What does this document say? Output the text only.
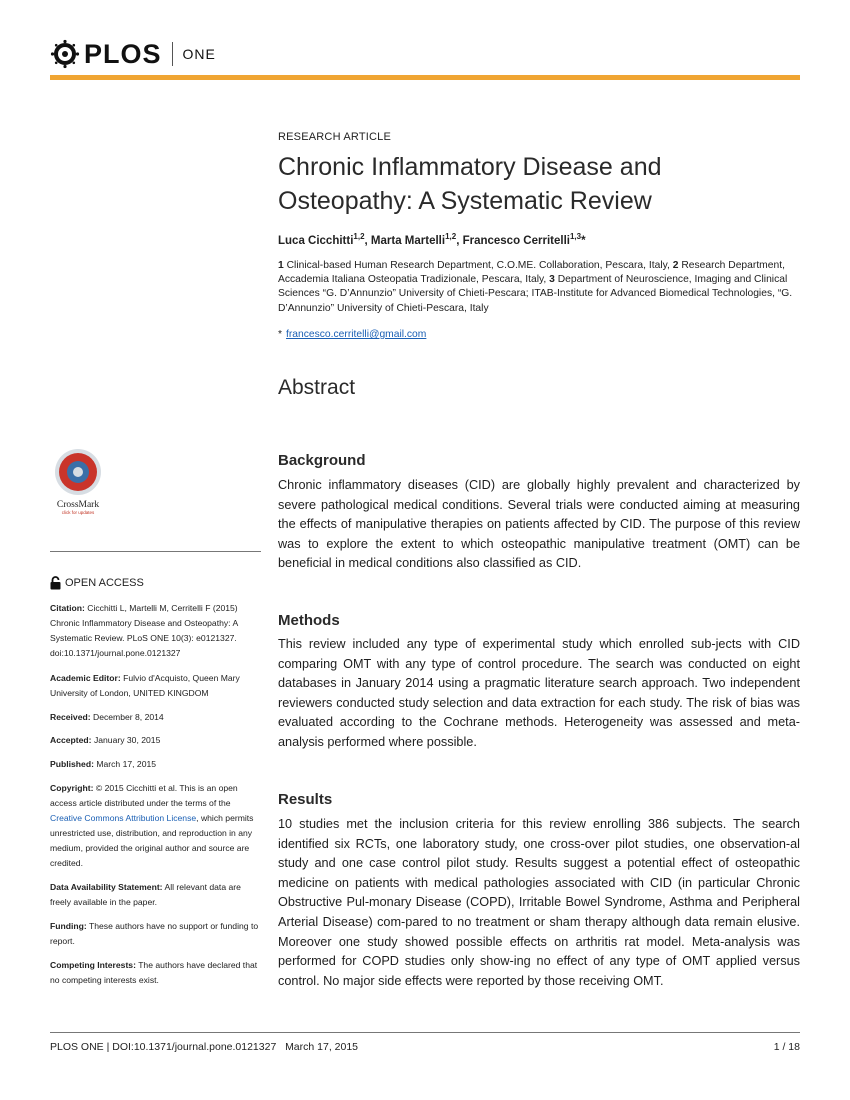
PLOS ONE
RESEARCH ARTICLE
Chronic Inflammatory Disease and Osteopathy: A Systematic Review
Luca Cicchitti$^{1,2}$, Marta Martelli$^{1,2}$, Francesco Cerritelli$^{1,3}$*
1 Clinical-based Human Research Department, C.O.ME. Collaboration, Pescara, Italy, 2 Research Department, Accademia Italiana Osteopatia Tradizionale, Pescara, Italy, 3 Department of Neuroscience, Imaging and Clinical Sciences “G. D’Annunzio” University of Chieti-Pescara; ITAB-Institute for Advanced Biomedical Technologies, “G. D’Annunzio” University of Chieti-Pescara, Italy
* francesco.cerritelli@gmail.com
Abstract
Background
Chronic inflammatory diseases (CID) are globally highly prevalent and characterized by severe pathological medical conditions. Several trials were conducted aiming at measuring the effects of manipulative therapies on patients affected by CID. The purpose of this review was to explore the extent to which osteopathic manipulative treatment (OMT) can be beneficial in medical conditions also classified as CID.
Methods
This review included any type of experimental study which enrolled sub-jects with CID comparing OMT with any type of control procedure. The search was conducted on eight databases in January 2014 using a pragmatic literature search approach. Two independent reviewers conducted study selection and data extraction for each study. The risk of bias was evaluated according to the Cochrane methods. Heterogeneity was assessed and meta-analysis performed where possible.
Results
10 studies met the inclusion criteria for this review enrolling 386 subjects. The search identified six RCTs, one laboratory study, one cross-over pilot studies, one observation-al study and one case control pilot study. Results suggest a potential effect of osteopathic medicine on patients with medical pathologies associated with CID (in particular Chronic Obstructive Pul-monary Disease (COPD), Irritable Bowel Syndrome, Asthma and Peripheral Arterial Disease) com-pared to no treatment or sham therapy although data remain elusive. Moreover one study showed possible effects on arthritis rat model. Meta-analysis was performed for COPD studies only show-ing no effect of any type of OMT applied versus control. No major side effects were reported by those receiving OMT.
CrossMark
click for updates
OPEN ACCESS
Citation: Cicchitti L, Martelli M, Cerritelli F (2015) Chronic Inflammatory Disease and Osteopathy: A Systematic Review. PLoS ONE 10(3): e0121327. doi:10.1371/journal.pone.0121327
Academic Editor: Fulvio d'Acquisto, Queen Mary University of London, UNITED KINGDOM
Received: December 8, 2014
Accepted: January 30, 2015
Published: March 17, 2015
Copyright: © 2015 Cicchitti et al. This is an open access article distributed under the terms of the Creative Commons Attribution License, which permits unrestricted use, distribution, and reproduction in any medium, provided the original author and source are credited.
Data Availability Statement: All relevant data are freely available in the paper.
Funding: These authors have no support or funding to report.
Competing Interests: The authors have declared that no competing interests exist.
PLOS ONE | DOI:10.1371/journal.pone.0121327 March 17, 2015	1 / 18
